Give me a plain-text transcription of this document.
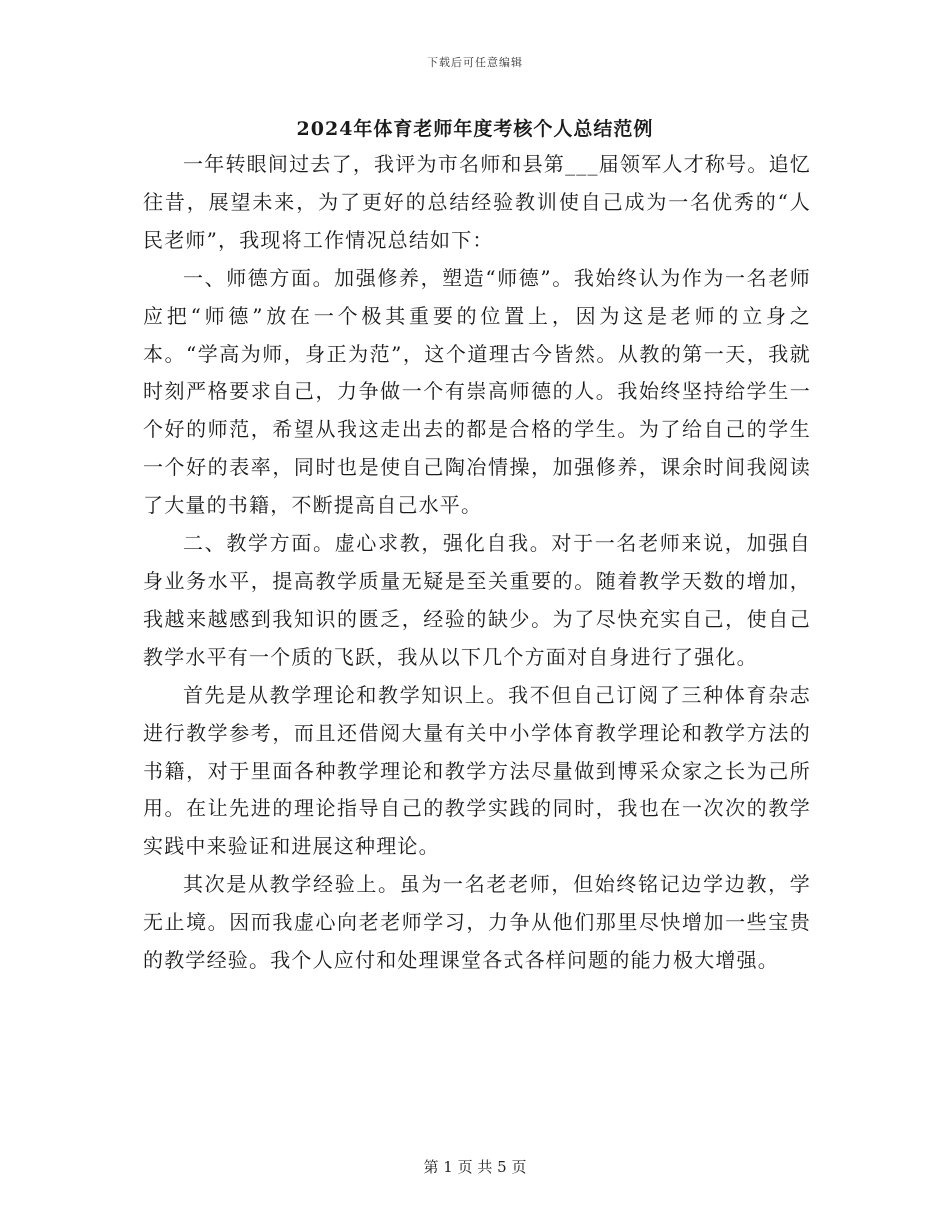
下载后可任意编辑
2024年体育老师年度考核个人总结范例

一年转眼间过去了，我评为市名师和县第___届领军人才称号。追忆往昔，展望未来，为了更好的总结经验教训使自己成为一名优秀的“人民老师”，我现将工作情况总结如下：

一、师德方面。加强修养，塑造“师德”。我始终认为作为一名老师应把“师德”放在一个极其重要的位置上，因为这是老师的立身之本。“学高为师，身正为范”，这个道理古今皆然。从教的第一天，我就时刻严格要求自己，力争做一个有崇高师德的人。我始终坚持给学生一个好的师范，希望从我这走出去的都是合格的学生。为了给自己的学生一个好的表率，同时也是使自己陶冶情操，加强修养，课余时间我阅读了大量的书籍，不断提高自己水平。

二、教学方面。虚心求教，强化自我。对于一名老师来说，加强自身业务水平，提高教学质量无疑是至关重要的。随着教学天数的增加，我越来越感到我知识的匮乏，经验的缺少。为了尽快充实自己，使自己教学水平有一个质的飞跃，我从以下几个方面对自身进行了强化。

首先是从教学理论和教学知识上。我不但自己订阅了三种体育杂志进行教学参考，而且还借阅大量有关中小学体育教学理论和教学方法的书籍，对于里面各种教学理论和教学方法尽量做到博采众家之长为己所用。在让先进的理论指导自己的教学实践的同时，我也在一次次的教学实践中来验证和进展这种理论。

其次是从教学经验上。虽为一名老老师，但始终铭记边学边教，学无止境。因而我虚心向老老师学习，力争从他们那里尽快增加一些宝贵的教学经验。我个人应付和处理课堂各式各样问题的能力极大增强。

第 1 页 共 5 页
